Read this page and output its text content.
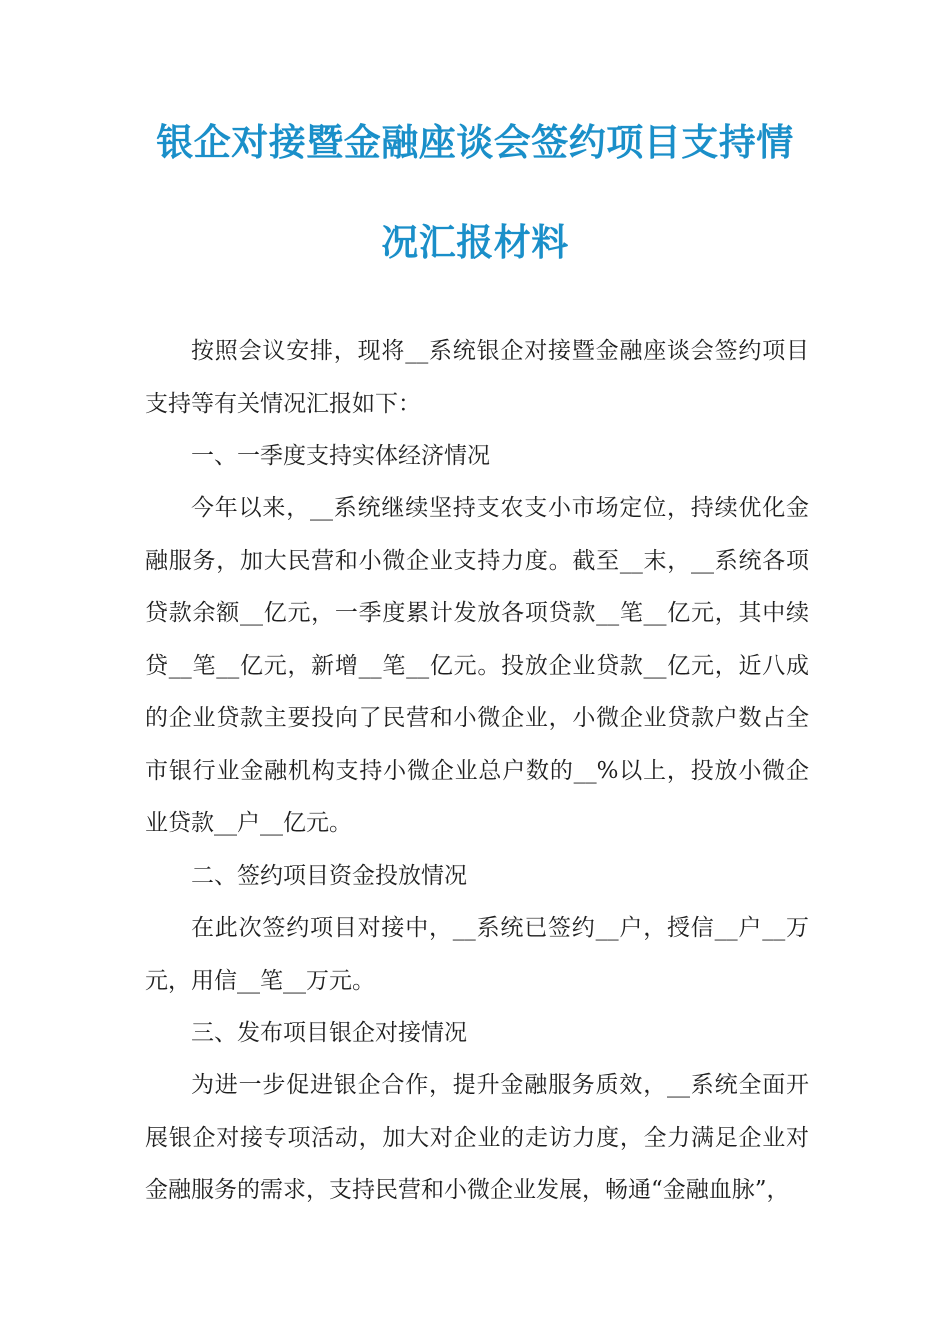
银企对接暨金融座谈会签约项目支持情
况汇报材料

按照会议安排，现将__系统银企对接暨金融座谈会签约项目支持等有关情况汇报如下：

一、一季度支持实体经济情况

今年以来，__系统继续坚持支农支小市场定位，持续优化金融服务，加大民营和小微企业支持力度。截至__末，__系统各项贷款余额__亿元，一季度累计发放各项贷款__笔__亿元，其中续贷__笔__亿元，新增__笔__亿元。投放企业贷款__亿元，近八成的企业贷款主要投向了民营和小微企业，小微企业贷款户数占全市银行业金融机构支持小微企业总户数的__%以上，投放小微企业贷款__户__亿元。

二、签约项目资金投放情况

在此次签约项目对接中，__系统已签约__户，授信__户__万元，用信__笔__万元。

三、发布项目银企对接情况

为进一步促进银企合作，提升金融服务质效，__系统全面开展银企对接专项活动，加大对企业的走访力度，全力满足企业对金融服务的需求，支持民营和小微企业发展，畅通“金融血脉”，
